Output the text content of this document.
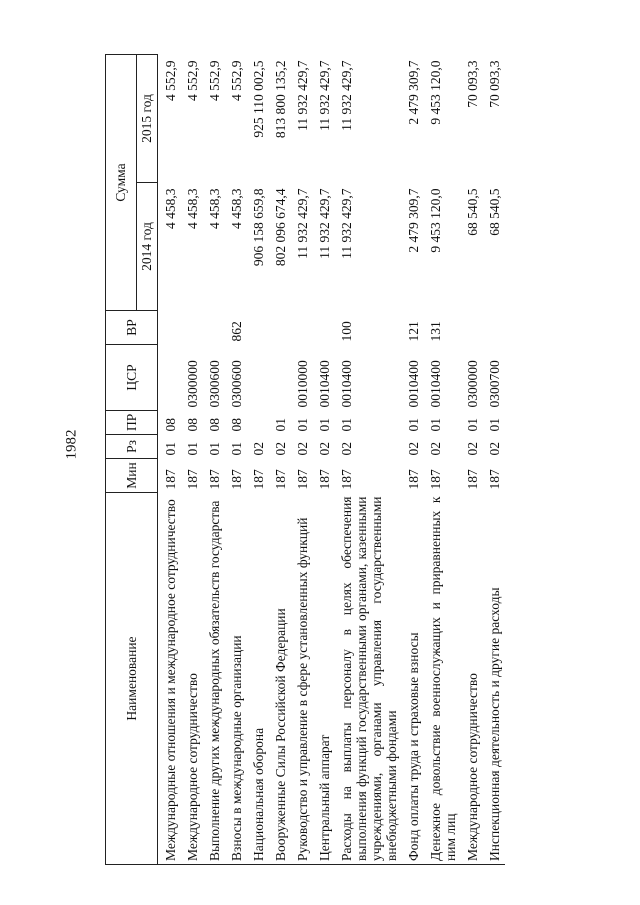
1982
Наименование	Мин	Рз	ПР	ЦСР	ВР	Сумма	
						2014 год	2015 год
Международные отношения и международное сотрудничество	187	01	08			4 458,3	4 552,9
Международное сотрудничество	187	01	08	0300000		4 458,3	4 552,9
Выполнение других международных обязательств государства	187	01	08	0300600		4 458,3	4 552,9
Взносы в международные организации	187	01	08	0300600	862	4 458,3	4 552,9
Национальная оборона	187	02				906 158 659,8	925 110 002,5
Вооруженные Силы Российской Федерации	187	02	01			802 096 674,4	813 800 135,2
Руководство и управление в сфере установленных функций	187	02	01	0010000		11 932 429,7	11 932 429,7
Центральный аппарат	187	02	01	0010400		11 932 429,7	11 932 429,7
Расходы на выплаты персоналу в целях обеспечения выполнения функций государственными органами, казенными учреждениями, органами управления государственными внебюджетными фондами	187	02	01	0010400	100	11 932 429,7	11 932 429,7
Фонд оплаты труда и страховые взносы	187	02	01	0010400	121	2 479 309,7	2 479 309,7
Денежное довольствие военнослужащих и приравненных к ним лиц	187	02	01	0010400	131	9 453 120,0	9 453 120,0
Международное сотрудничество	187	02	01	0300000		68 540,5	70 093,3
Инспекционная деятельность и другие расходы	187	02	01	0300700		68 540,5	70 093,3
